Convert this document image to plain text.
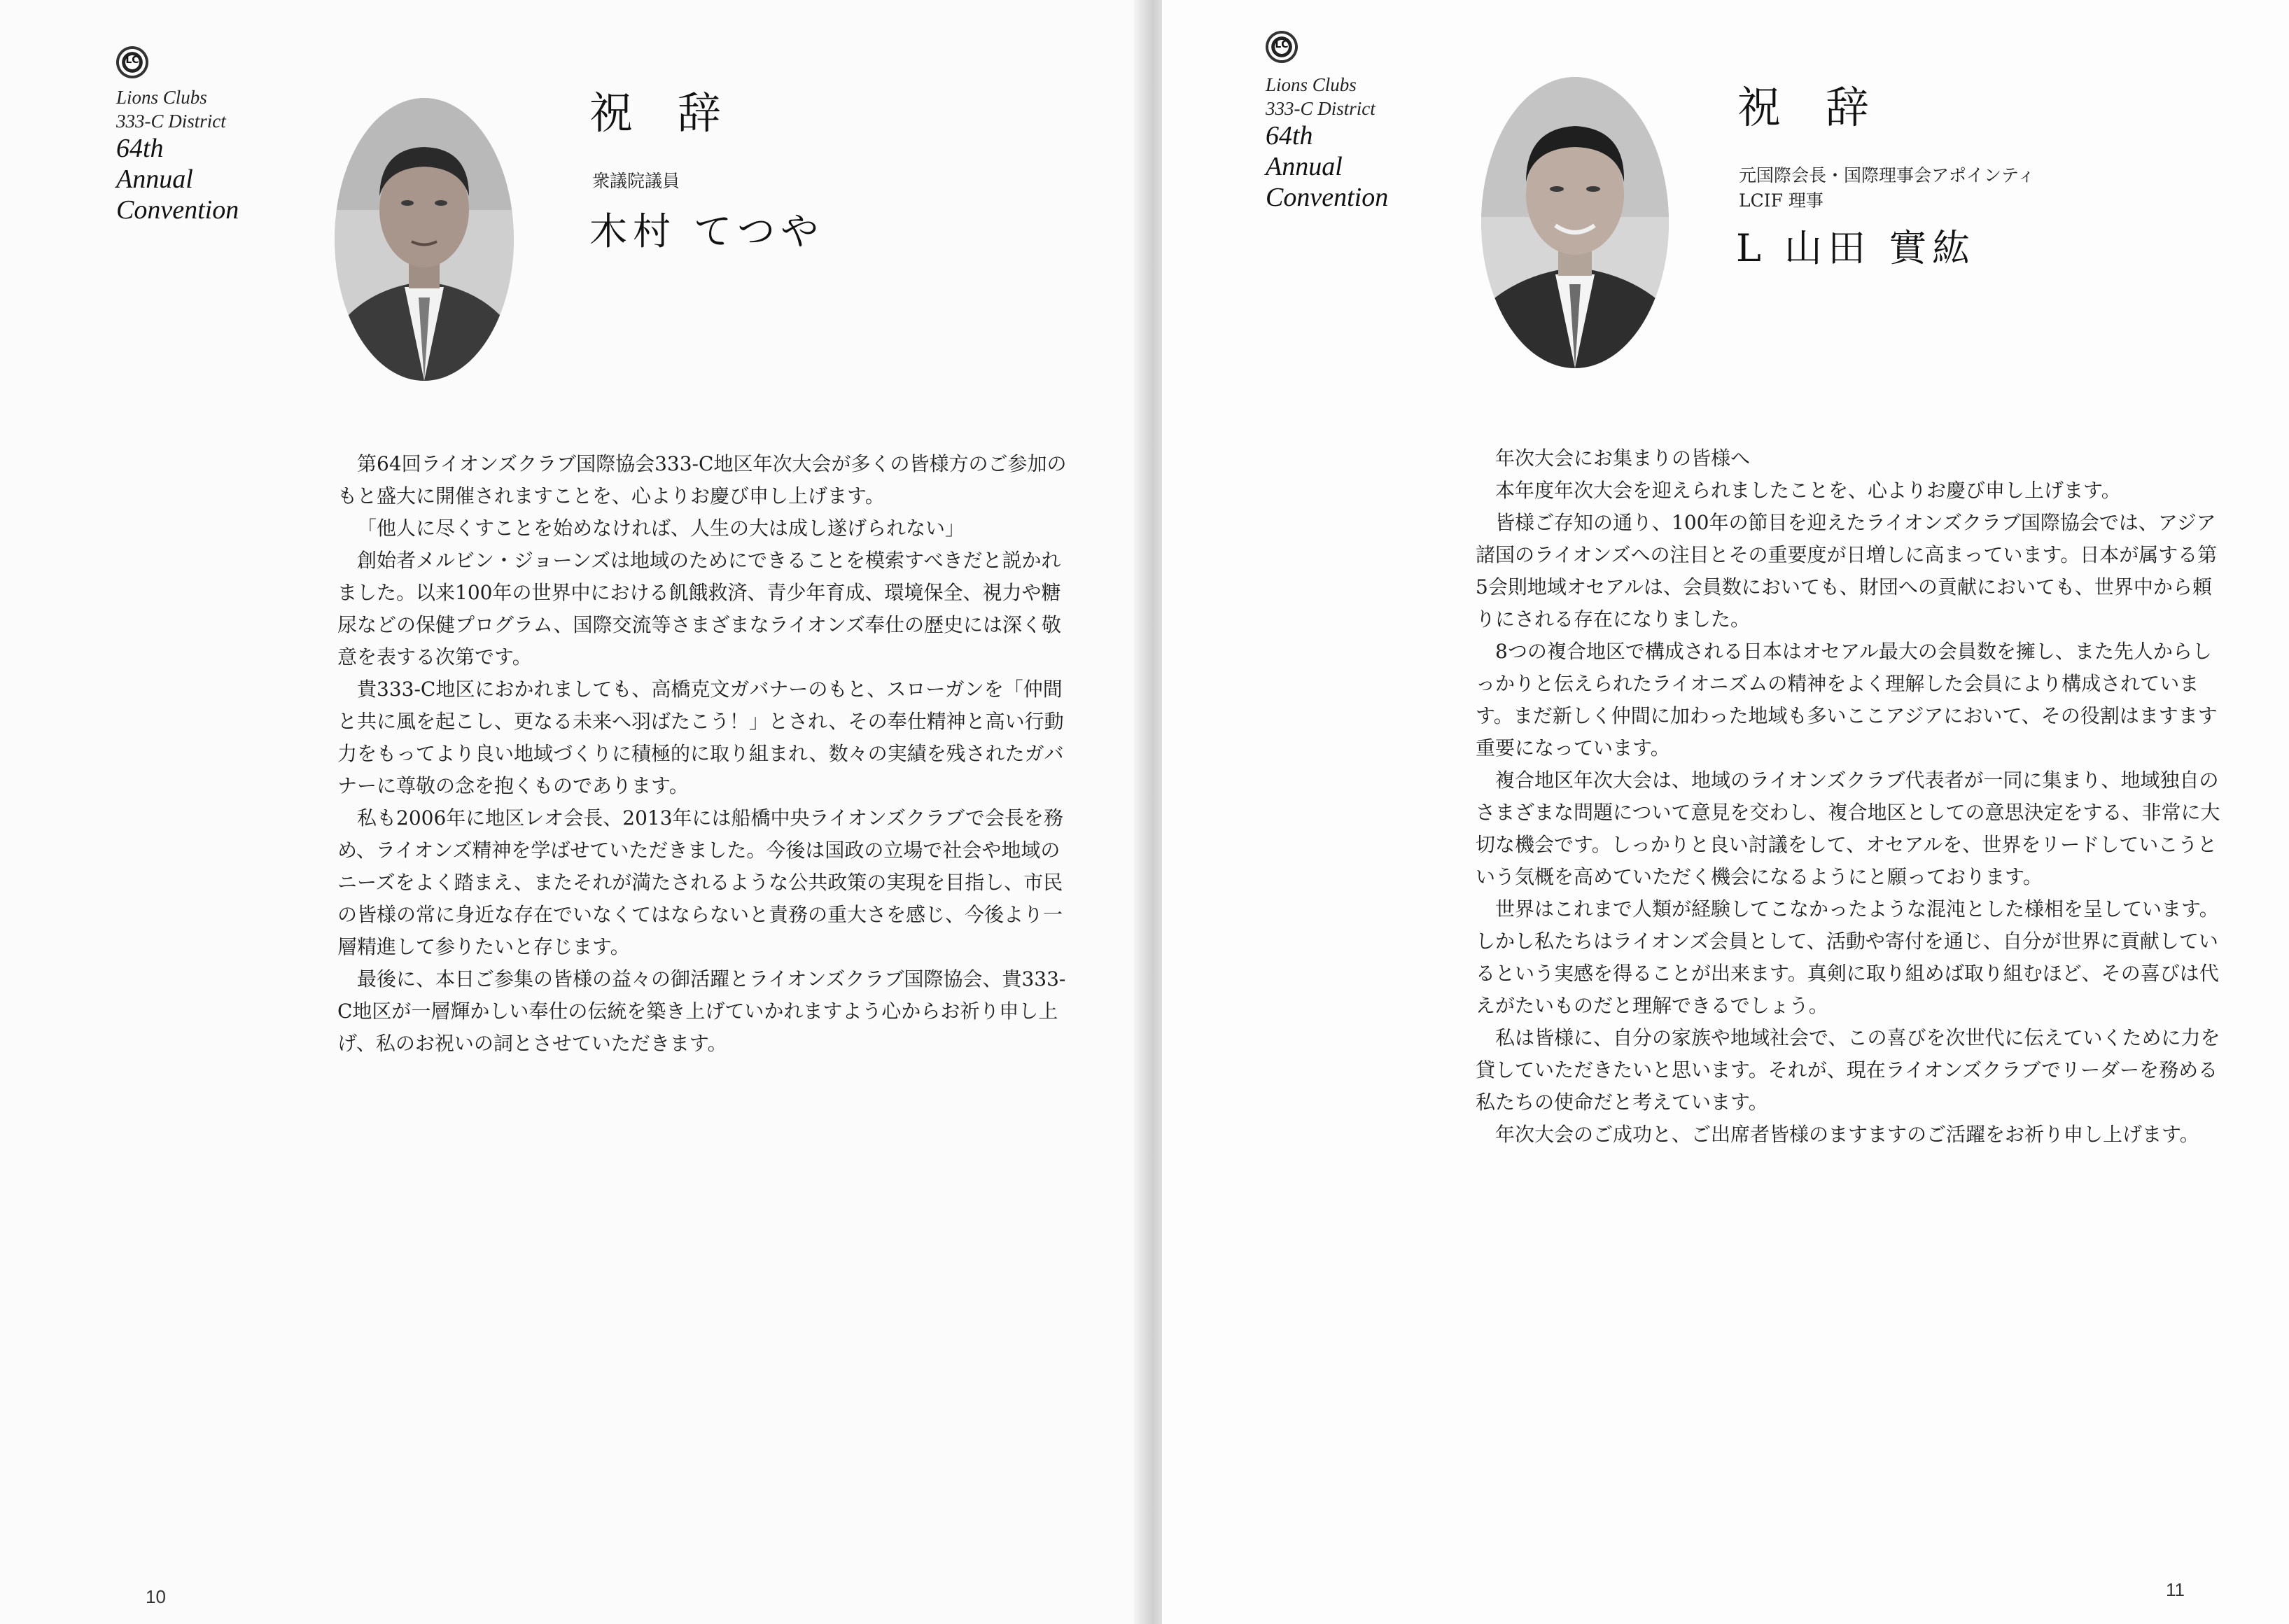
LC
Lions Clubs
333-C District
64th
Annual
Convention
祝 辞
衆議院議員
木村 てつや

第64回ライオンズクラブ国際協会333-C地区年次大会が多くの皆様方のご参加のもと盛大に開催されますことを、心よりお慶び申し上げます。

「他人に尽くすことを始めなければ、人生の大は成し遂げられない」

創始者メルビン・ジョーンズは地域のためにできることを模索すべきだと説かれました。以来100年の世界中における飢餓救済、青少年育成、環境保全、視力や糖尿などの保健プログラム、国際交流等さまざまなライオンズ奉仕の歴史には深く敬意を表する次第です。

貴333-C地区におかれましても、高橋克文ガバナーのもと、スローガンを「仲間と共に風を起こし、更なる未来へ羽ばたこう！」とされ、その奉仕精神と高い行動力をもってより良い地域づくりに積極的に取り組まれ、数々の実績を残されたガバナーに尊敬の念を抱くものであります。

私も2006年に地区レオ会長、2013年には船橋中央ライオンズクラブで会長を務め、ライオンズ精神を学ばせていただきました。今後は国政の立場で社会や地域のニーズをよく踏まえ、またそれが満たされるような公共政策の実現を目指し、市民の皆様の常に身近な存在でいなくてはならないと責務の重大さを感じ、今後より一層精進して参りたいと存じます。

最後に、本日ご参集の皆様の益々の御活躍とライオンズクラブ国際協会、貴333-C地区が一層輝かしい奉仕の伝統を築き上げていかれますよう心からお祈り申し上げ、私のお祝いの詞とさせていただきます。

10
LC
Lions Clubs
333-C District
64th
Annual
Convention
祝 辞
元国際会長・国際理事会アポインティ
LCIF 理事
L 山田 實紘

年次大会にお集まりの皆様へ

本年度年次大会を迎えられましたことを、心よりお慶び申し上げます。

皆様ご存知の通り、100年の節目を迎えたライオンズクラブ国際協会では、アジア諸国のライオンズへの注目とその重要度が日増しに高まっています。日本が属する第5会則地域オセアルは、会員数においても、財団への貢献においても、世界中から頼りにされる存在になりました。

8つの複合地区で構成される日本はオセアル最大の会員数を擁し、また先人からしっかりと伝えられたライオニズムの精神をよく理解した会員により構成されています。まだ新しく仲間に加わった地域も多いここアジアにおいて、その役割はますます重要になっています。

複合地区年次大会は、地域のライオンズクラブ代表者が一同に集まり、地域独自のさまざまな問題について意見を交わし、複合地区としての意思決定をする、非常に大切な機会です。しっかりと良い討議をして、オセアルを、世界をリードしていこうという気概を高めていただく機会になるようにと願っております。

世界はこれまで人類が経験してこなかったような混沌とした様相を呈しています。しかし私たちはライオンズ会員として、活動や寄付を通じ、自分が世界に貢献しているという実感を得ることが出来ます。真剣に取り組めば取り組むほど、その喜びは代えがたいものだと理解できるでしょう。

私は皆様に、自分の家族や地域社会で、この喜びを次世代に伝えていくために力を貸していただきたいと思います。それが、現在ライオンズクラブでリーダーを務める私たちの使命だと考えています。

年次大会のご成功と、ご出席者皆様のますますのご活躍をお祈り申し上げます。

11
